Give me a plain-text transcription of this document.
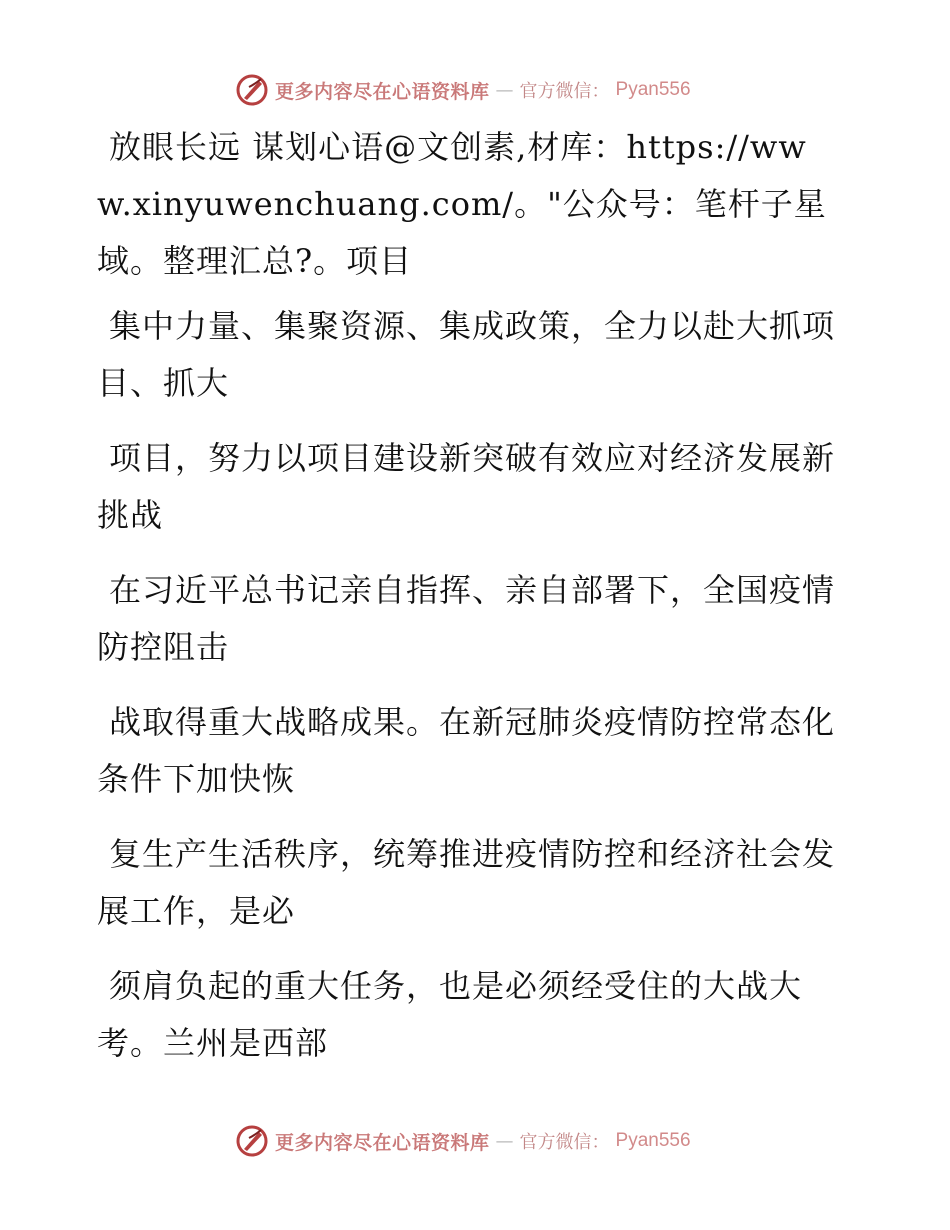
更多内容尽在心语资料库 — 官方微信： Pyan556

放眼长远 谋划心语@文创素,材库：https://www.xinyuwenchuang.com/。"公众号：笔杆子星域。整理汇总?。项目

集中力量、集聚资源、集成政策，全力以赴大抓项目、抓大

项目，努力以项目建设新突破有效应对经济发展新挑战

在习近平总书记亲自指挥、亲自部署下，全国疫情防控阻击

战取得重大战略成果。在新冠肺炎疫情防控常态化条件下加快恢

复生产生活秩序，统筹推进疫情防控和经济社会发展工作，是必

须肩负起的重大任务，也是必须经受住的大战大考。兰州是西部

更多内容尽在心语资料库 — 官方微信： Pyan556
